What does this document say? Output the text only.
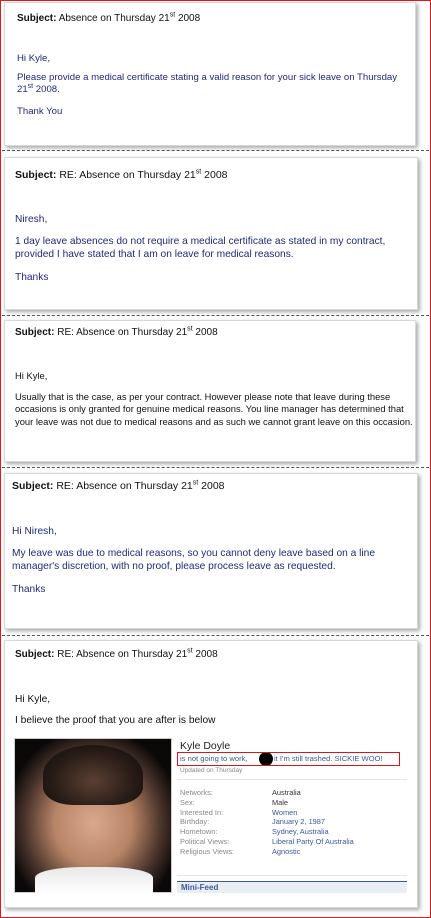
Subject: Absence on Thursday 21st 2008

Hi Kyle,

Please provide a medical certificate stating a valid reason for your sick leave on Thursday 21st 2008.

Thank You

Subject: RE: Absence on Thursday 21st 2008

Niresh,

1 day leave absences do not require a medical certificate as stated in my contract, provided I have stated that I am on leave for medical reasons.

Thanks

Subject: RE: Absence on Thursday 21st 2008

Hi Kyle,

Usually that is the case, as per your contract. However please note that leave during these occasions is only granted for genuine medical reasons. You line manager has determined that your leave was not due to medical reasons and as such we cannot grant leave on this occasion.

Subject: RE: Absence on Thursday 21st 2008

Hi Niresh,

My leave was due to medical reasons, so you cannot deny leave based on a line manager's discretion, with no proof, please process leave as requested.

Thanks

Subject: RE: Absence on Thursday 21st 2008

Hi Kyle,

I believe the proof that you are after is below

Kyle Doyle
is not going to work,	it I'm still trashed. SICKIE WOO!
Updated on Thursday
Networks:	Australia
Sex:	Male
Interested In:	Women
Birthday:	January 2, 1987
Hometown:	Sydney, Australia
Political Views:	Liberal Party Of Australia
Religious Views:	Agnostic
Mini-Feed
